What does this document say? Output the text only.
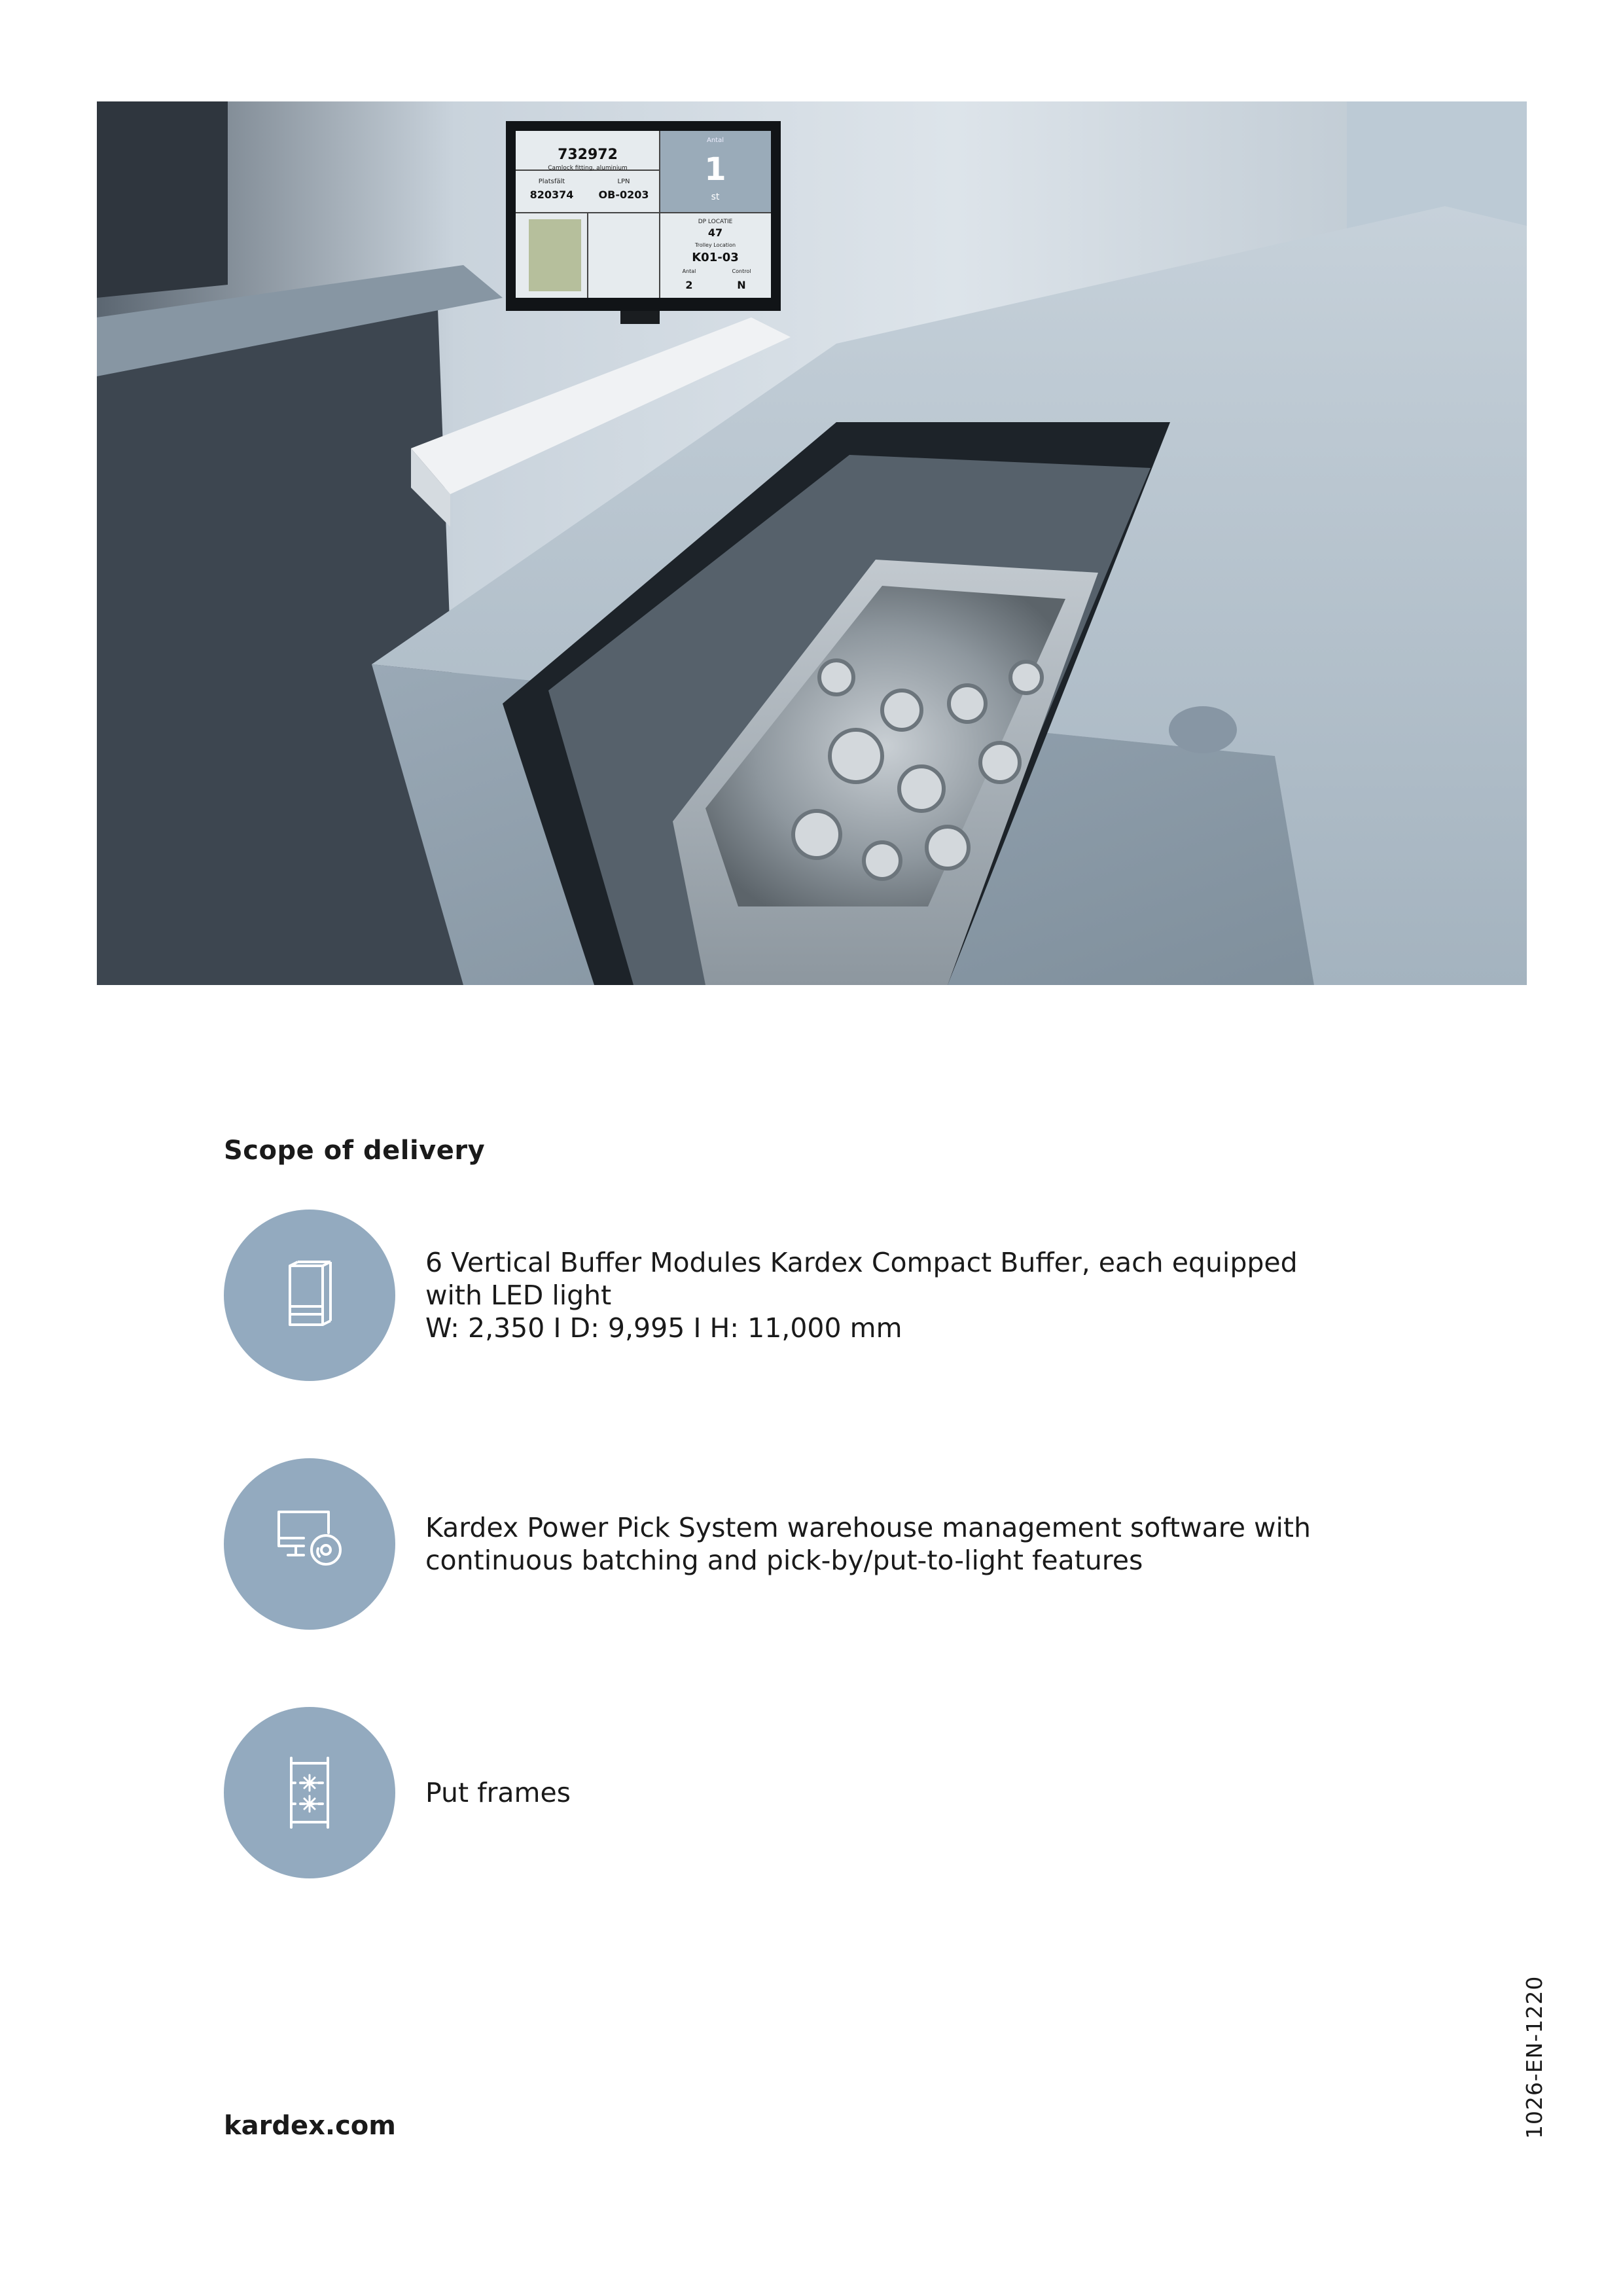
732972
Camlock fitting, aluminium
Antal
1
st
Platsfält
820374
LPN
OB-0203
DP LOCATIE
47
Trolley Location
K01-03
Antal
2
Control
N
Scope of delivery
6 Vertical Buffer Modules Kardex Compact Buffer, each equipped
with LED light
W: 2,350 I D: 9,995 I H: 11,000 mm
Kardex Power Pick System warehouse management software with
continuous batching and pick-by/put-to-light features
Put frames
kardex.com	1026-EN-1220
